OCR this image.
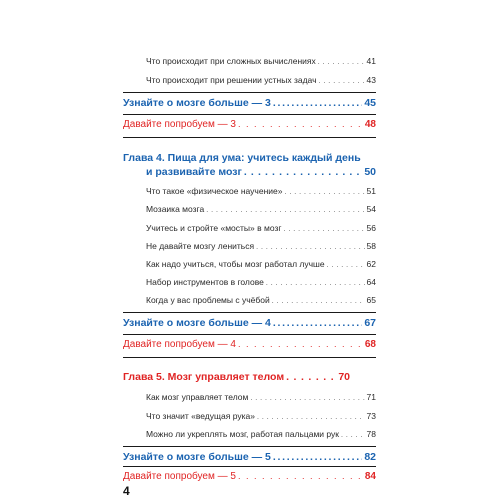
Что происходит при сложных вычислениях . . .	41
Что происходит при решении устных задач . . .	43
Узнайте о мозге больше — 3 . . .	45
Давайте попробуем — 3 . . .	48
Глава 4. Пища для ума: учитесь каждый день
и развивайте мозг . . .	50
Что такое «физическое научение» . . .	51
Мозаика мозга . . .	54
Учитесь и стройте «мосты» в мозг . . .	56
Не давайте мозгу лениться . . .	58
Как надо учиться, чтобы мозг работал лучше . . .	62
Набор инструментов в голове . . .	64
Когда у вас проблемы с учёбой . . .	65
Узнайте о мозге больше — 4 . . .	67
Давайте попробуем — 4 . . .	68
Глава 5. Мозг управляет телом . . .	70
Как мозг управляет телом . . .	71
Что значит «ведущая рука» . . .	73
Можно ли укреплять мозг, работая пальцами рук . . .	78
Узнайте о мозге больше — 5 . . .	82
Давайте попробуем — 5 . . .	84
4
